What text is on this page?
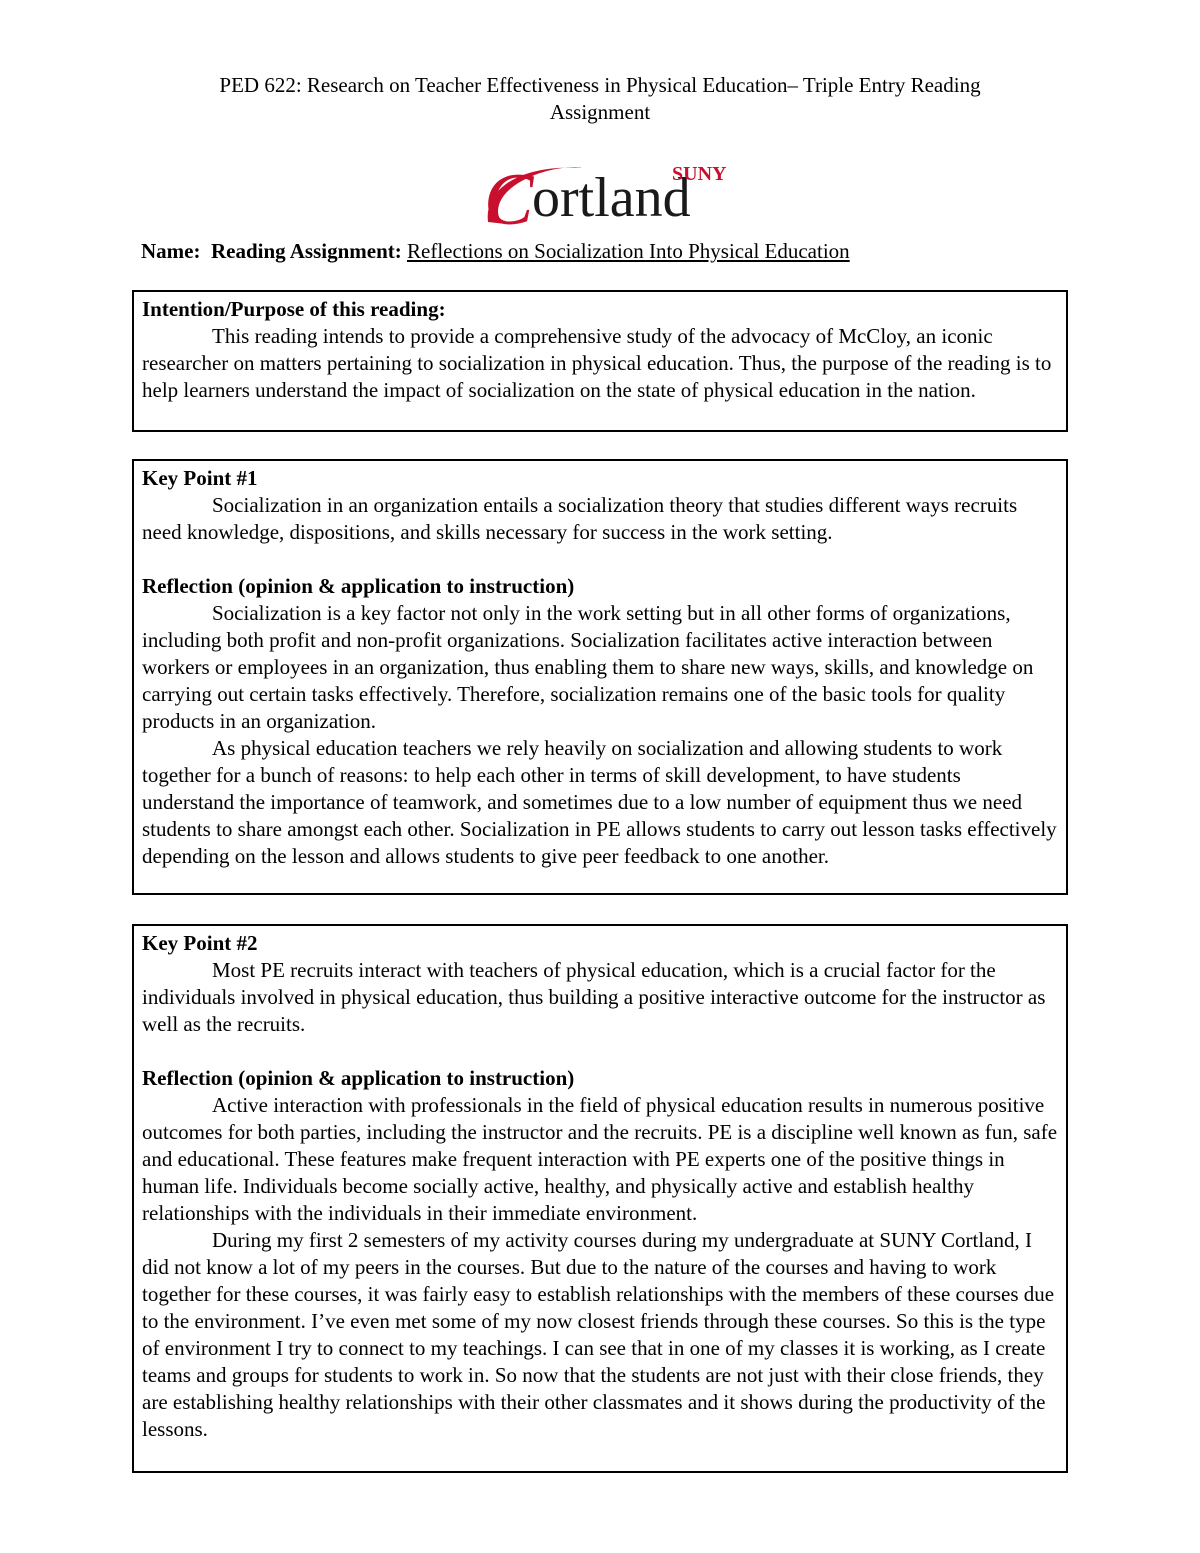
PED 622: Research on Teacher Effectiveness in Physical Education– Triple Entry Reading
Assignment
C
ortland
SUNY
Name: Reading Assignment: Reflections on Socialization Into Physical Education
Intention/Purpose of this reading:
This reading intends to provide a comprehensive study of the advocacy of McCloy, an iconic researcher on matters pertaining to socialization in physical education. Thus, the purpose of the reading is to help learners understand the impact of socialization on the state of physical education in the nation.
Key Point #1
Socialization in an organization entails a socialization theory that studies different ways recruits need knowledge, dispositions, and skills necessary for success in the work setting.
Reflection (opinion & application to instruction)
Socialization is a key factor not only in the work setting but in all other forms of organizations, including both profit and non-profit organizations. Socialization facilitates active interaction between workers or employees in an organization, thus enabling them to share new ways, skills, and knowledge on carrying out certain tasks effectively. Therefore, socialization remains one of the basic tools for quality products in an organization.
As physical education teachers we rely heavily on socialization and allowing students to work together for a bunch of reasons: to help each other in terms of skill development, to have students understand the importance of teamwork, and sometimes due to a low number of equipment thus we need students to share amongst each other. Socialization in PE allows students to carry out lesson tasks effectively depending on the lesson and allows students to give peer feedback to one another.
Key Point #2
Most PE recruits interact with teachers of physical education, which is a crucial factor for the individuals involved in physical education, thus building a positive interactive outcome for the instructor as well as the recruits.
Reflection (opinion & application to instruction)
Active interaction with professionals in the field of physical education results in numerous positive outcomes for both parties, including the instructor and the recruits. PE is a discipline well known as fun, safe and educational. These features make frequent interaction with PE experts one of the positive things in human life. Individuals become socially active, healthy, and physically active and establish healthy relationships with the individuals in their immediate environment.
During my first 2 semesters of my activity courses during my undergraduate at SUNY Cortland, I did not know a lot of my peers in the courses. But due to the nature of the courses and having to work together for these courses, it was fairly easy to establish relationships with the members of these courses due to the environment. I’ve even met some of my now closest friends through these courses. So this is the type of environment I try to connect to my teachings. I can see that in one of my classes it is working, as I create teams and groups for students to work in. So now that the students are not just with their close friends, they are establishing healthy relationships with their other classmates and it shows during the productivity of the lessons.
